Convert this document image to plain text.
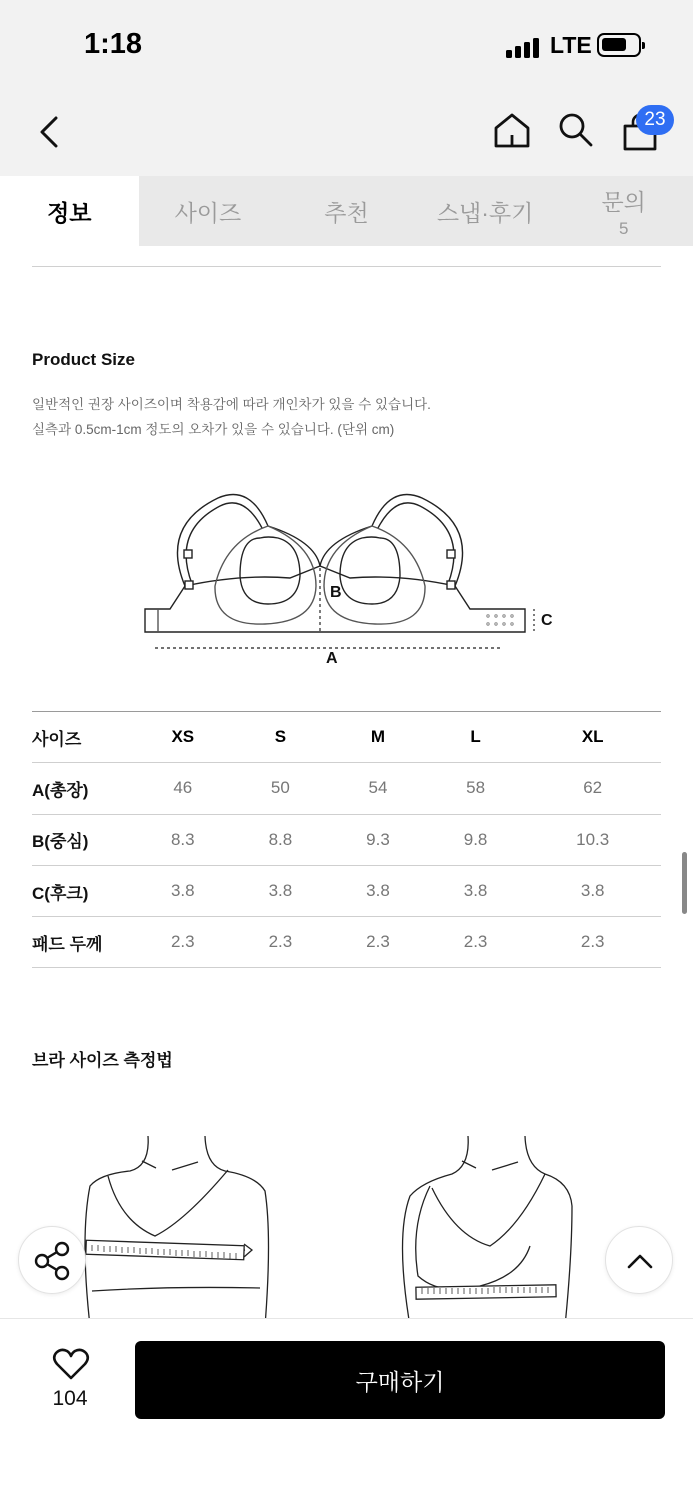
1:18	LTE
23
정보	사이즈	추천	스냅·후기	문의
5
Product Size
일반적인 권장 사이즈이며 착용감에 따라 개인차가 있을 수 있습니다.
실측과 0.5cm-1cm 정도의 오차가 있을 수 있습니다. (단위 cm)
B
A
C
사이즈	XS	S	M	L	XL
A(총장)	46	50	54	58	62
B(중심)	8.3	8.8	9.3	9.8	10.3
C(후크)	3.8	3.8	3.8	3.8	3.8
패드 두께	2.3	2.3	2.3	2.3	2.3
브라 사이즈 측정법
104
구매하기
